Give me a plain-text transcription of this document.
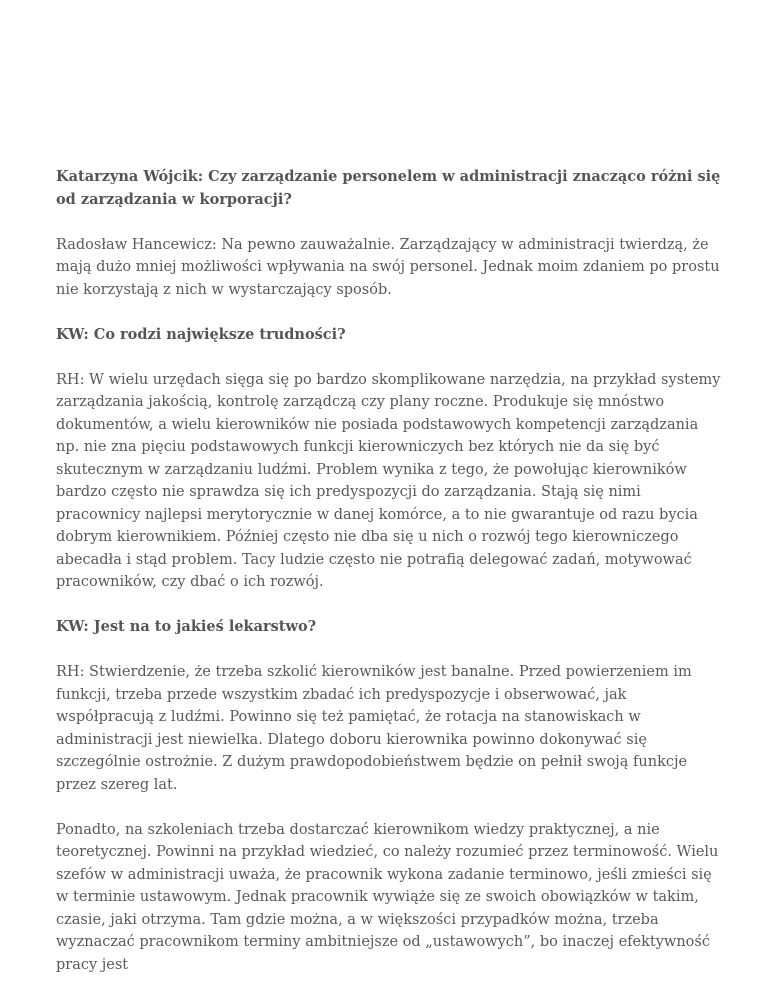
Katarzyna Wójcik: Czy zarządzanie personelem w administracji znacząco różni się od zarządzania w korporacji?

Radosław Hancewicz: Na pewno zauważalnie. Zarządzający w administracji twierdzą, że mają dużo mniej możliwości wpływania na swój personel. Jednak moim zdaniem po prostu nie korzystają z nich w wystarczający sposób.

KW: Co rodzi największe trudności?

RH: W wielu urzędach sięga się po bardzo skomplikowane narzędzia, na przykład systemy zarządzania jakością, kontrolę zarządczą czy plany roczne. Produkuje się mnóstwo dokumentów, a wielu kierowników nie posiada podstawowych kompetencji zarządzania np. nie zna pięciu podstawowych funkcji kierowniczych bez których nie da się być skutecznym w zarządzaniu ludźmi. Problem wynika z tego, że powołując kierowników bardzo często nie sprawdza się ich predyspozycji do zarządzania. Stają się nimi pracownicy najlepsi merytorycznie w danej komórce, a to nie gwarantuje od razu bycia dobrym kierownikiem. Później często nie dba się u nich o rozwój tego kierowniczego abecadła i stąd problem. Tacy ludzie często nie potrafią delegować zadań, motywować pracowników, czy dbać o ich rozwój.

KW: Jest na to jakieś lekarstwo?

RH: Stwierdzenie, że trzeba szkolić kierowników jest banalne. Przed powierzeniem im funkcji, trzeba przede wszystkim zbadać ich predyspozycje i obserwować, jak współpracują z ludźmi. Powinno się też pamiętać, że rotacja na stanowiskach w administracji jest niewielka. Dlatego doboru kierownika powinno dokonywać się szczególnie ostrożnie. Z dużym prawdopodobieństwem będzie on pełnił swoją funkcje przez szereg lat.

Ponadto, na szkoleniach trzeba dostarczać kierownikom wiedzy praktycznej, a nie teoretycznej. Powinni na przykład wiedzieć, co należy rozumieć przez terminowość. Wielu szefów w administracji uważa, że pracownik wykona zadanie terminowo, jeśli zmieści się w terminie ustawowym. Jednak pracownik wywiąże się ze swoich obowiązków w takim, czasie, jaki otrzyma. Tam gdzie można, a w większości przypadków można, trzeba wyznaczać pracownikom terminy ambitniejsze od „ustawowych”, bo inaczej efektywność pracy jest
